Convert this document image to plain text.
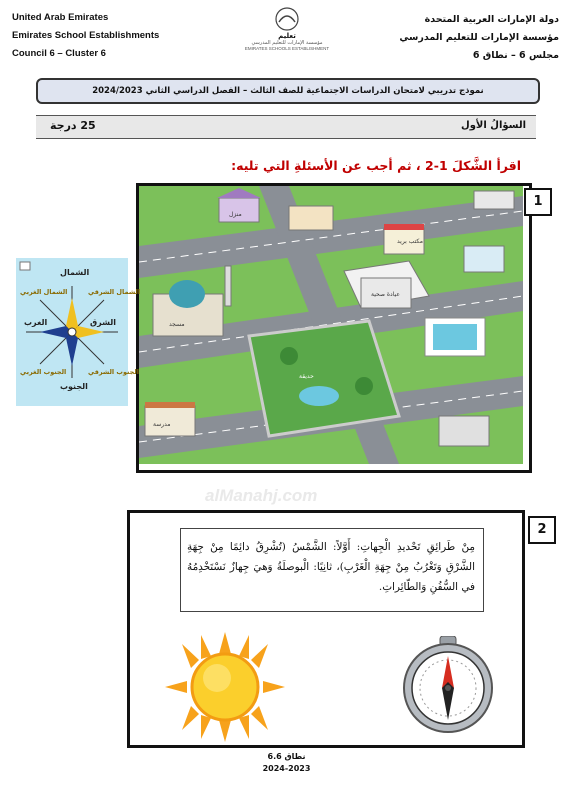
United Arab Emirates
Emirates School Establishments
Council 6 – Cluster 6
دولة الإمارات العربية المتحدة
مؤسسة الإمارات للتعليم المدرسي
مجلس 6 – نطاق 6
تعليم
مؤسسة الإمارات للتعليم المدرسي
EMIRATES SCHOOLS ESTABLISHMENT
نموذج تدريبي لامتحان الدراسات الاجتماعية للصف الثالث – الفصل الدراسي الثاني 2024/2023
السؤالُ الأول
25 درجة
اقرأ الشَّكلَ 1-2 ، ثم أجب عن الأسئلةِ التي تليه:
منزل
مكتب بريد
عيادة صحية
مسجد
حديقة
مدرسة
1
الشمال
الجنوب
الشرق
الغرب
الشمال الغربي	الشمال الشرقي
الجنوب الغربي	الجنوب الشرقي
alManahj.com
2
مِنْ طَرائِقِ تَحْديدِ الْجِهاتِ: أَوَّلاً: الشَّمْسُ (تُشْرِقُ دائِمًا مِنْ جِهَةِ الشَّرْقِ وَتَغْرُبُ مِنْ جِهَةِ الْغَرْبِ)، ثانِيًا: الْبوصلَةُ وَهيَ جِهازٌ نَسْتَخْدِمُهُ في السُّفُنِ وَالطّائِراتِ.
نطاق 6.6
2024-2023
